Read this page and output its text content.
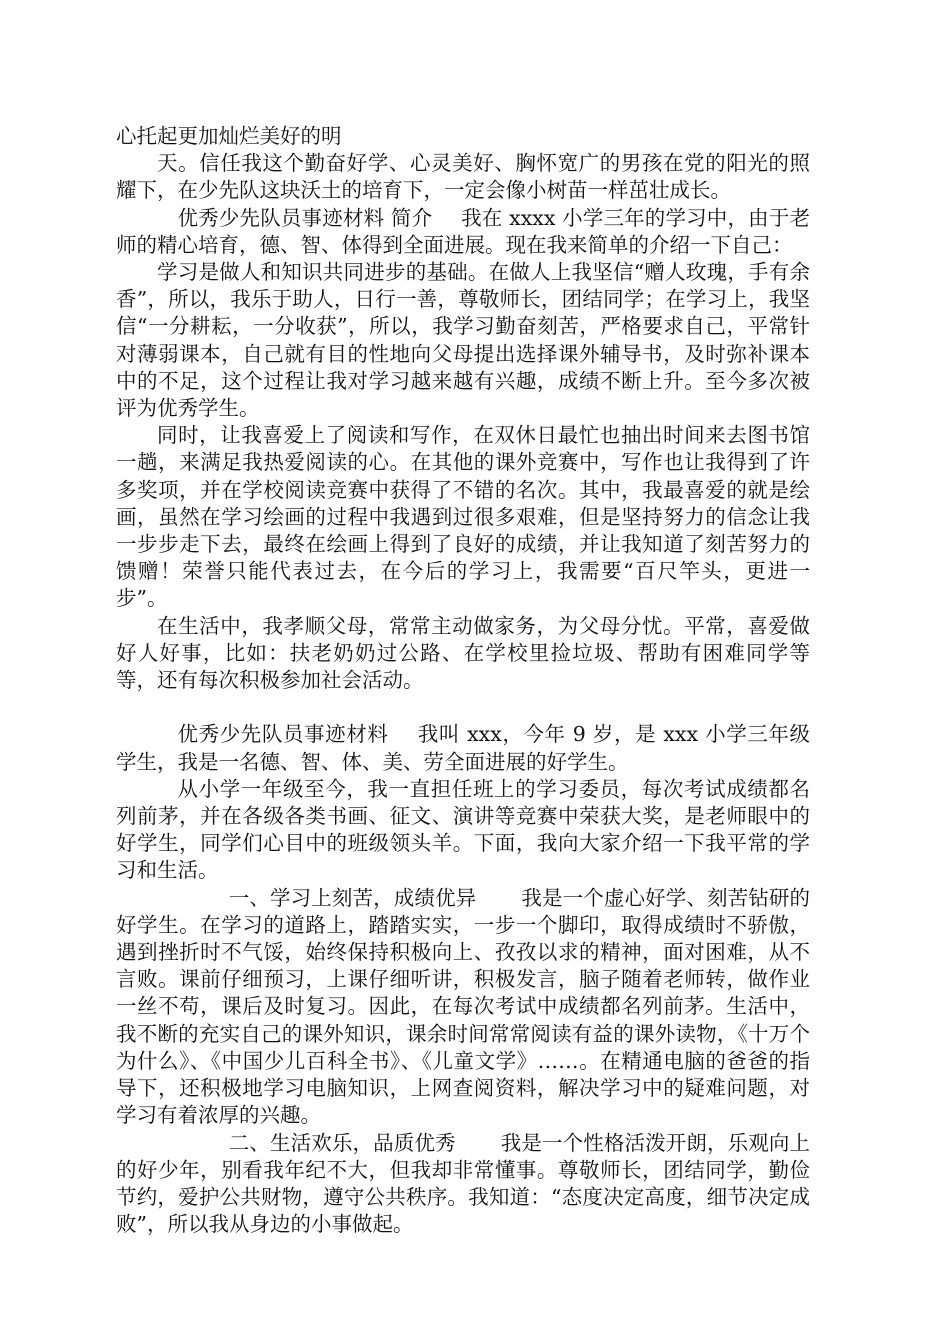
心托起更加灿烂美好的明

天。信任我这个勤奋好学、心灵美好、胸怀宽广的男孩在党的阳光的照耀下，在少先队这块沃土的培育下，一定会像小树苗一样茁壮成长。

优秀少先队员事迹材料 简介 我在 xxxx 小学三年的学习中，由于老师的精心培育，德、智、体得到全面进展。现在我来简单的介绍一下自己：

学习是做人和知识共同进步的基础。在做人上我坚信“赠人玫瑰，手有余香”，所以，我乐于助人，日行一善，尊敬师长，团结同学；在学习上，我坚信“一分耕耘，一分收获”，所以，我学习勤奋刻苦，严格要求自己，平常针对薄弱课本，自己就有目的性地向父母提出选择课外辅导书，及时弥补课本中的不足，这个过程让我对学习越来越有兴趣，成绩不断上升。至今多次被评为优秀学生。

同时，让我喜爱上了阅读和写作，在双休日最忙也抽出时间来去图书馆一趟，来满足我热爱阅读的心。在其他的课外竞赛中，写作也让我得到了许多奖项，并在学校阅读竞赛中获得了不错的名次。其中，我最喜爱的就是绘画，虽然在学习绘画的过程中我遇到过很多艰难，但是坚持努力的信念让我一步步走下去，最终在绘画上得到了良好的成绩，并让我知道了刻苦努力的馈赠！荣誉只能代表过去，在今后的学习上，我需要“百尺竿头，更进一步”。

在生活中，我孝顺父母，常常主动做家务，为父母分忧。平常，喜爱做好人好事，比如：扶老奶奶过公路、在学校里捡垃圾、帮助有困难同学等等，还有每次积极参加社会活动。

优秀少先队员事迹材料 我叫 xxx，今年 9 岁，是 xxx 小学三年级学生，我是一名德、智、体、美、劳全面进展的好学生。

从小学一年级至今，我一直担任班上的学习委员，每次考试成绩都名列前茅，并在各级各类书画、征文、演讲等竞赛中荣获大奖，是老师眼中的好学生，同学们心目中的班级领头羊。下面，我向大家介绍一下我平常的学习和生活。

一、学习上刻苦，成绩优异 我是一个虚心好学、刻苦钻研的好学生。在学习的道路上，踏踏实实，一步一个脚印，取得成绩时不骄傲，遇到挫折时不气馁，始终保持积极向上、孜孜以求的精神，面对困难，从不言败。课前仔细预习，上课仔细听讲，积极发言，脑子随着老师转，做作业一丝不苟，课后及时复习。因此，在每次考试中成绩都名列前茅。生活中，我不断的充实自己的课外知识，课余时间常常阅读有益的课外读物，《十万个为什么》、《中国少儿百科全书》、《儿童文学》……。在精通电脑的爸爸的指导下，还积极地学习电脑知识，上网查阅资料，解决学习中的疑难问题，对学习有着浓厚的兴趣。

二、生活欢乐，品质优秀 我是一个性格活泼开朗，乐观向上的好少年，别看我年纪不大，但我却非常懂事。尊敬师长，团结同学，勤俭节约，爱护公共财物，遵守公共秩序。我知道：“态度决定高度，细节决定成败”，所以我从身边的小事做起。
